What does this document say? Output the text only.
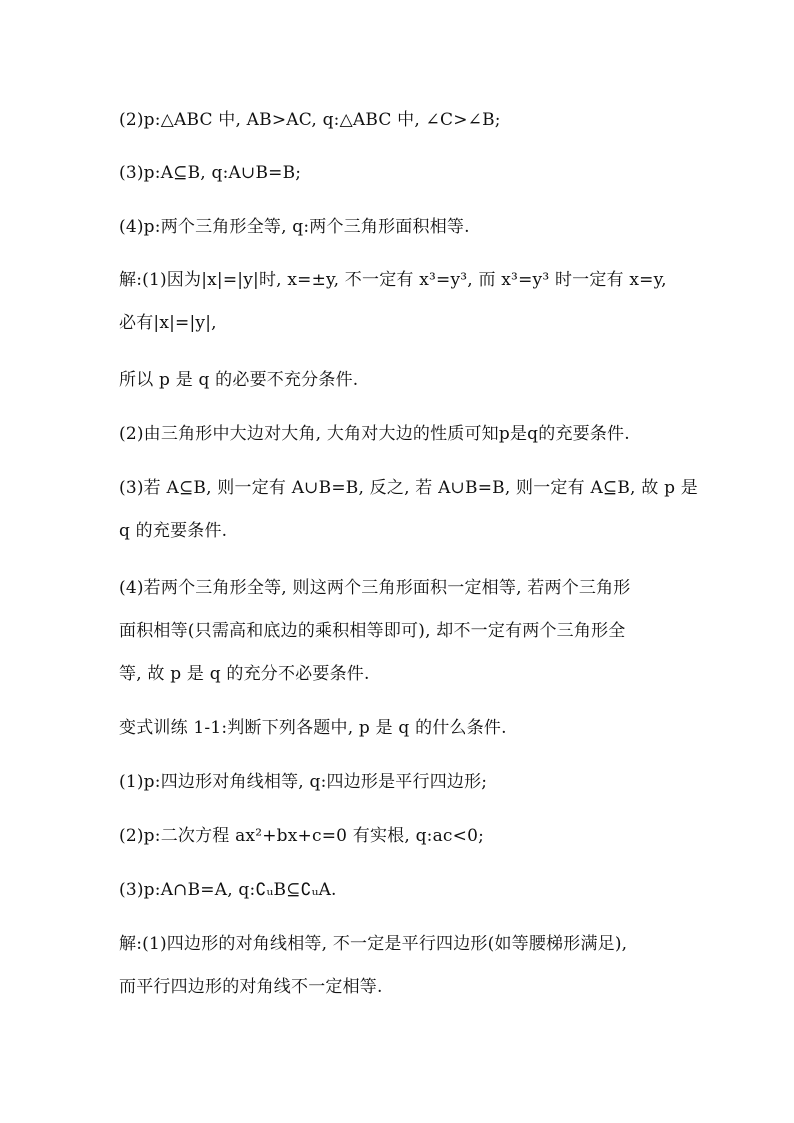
(2)p:△ABC 中, AB>AC, q:△ABC 中, ∠C>∠B;
(3)p:A⊆B, q:A∪B=B;
(4)p:两个三角形全等, q:两个三角形面积相等.
解:(1)因为|x|=|y|时, x=±y, 不一定有 x³=y³, 而 x³=y³ 时一定有 x=y,
必有|x|=|y|,
所以 p 是 q 的必要不充分条件.
(2)由三角形中大边对大角, 大角对大边的性质可知p是q的充要条件.
(3)若 A⊆B, 则一定有 A∪B=B, 反之, 若 A∪B=B, 则一定有 A⊆B, 故 p 是
q 的充要条件.
(4)若两个三角形全等, 则这两个三角形面积一定相等, 若两个三角形
面积相等(只需高和底边的乘积相等即可), 却不一定有两个三角形全
等, 故 p 是 q 的充分不必要条件.
变式训练 1-1:判断下列各题中, p 是 q 的什么条件.
(1)p:四边形对角线相等, q:四边形是平行四边形;
(2)p:二次方程 ax²+bx+c=0 有实根, q:ac<0;
(3)p:A∩B=A, q:∁ᵤB⊆∁ᵤA.
解:(1)四边形的对角线相等, 不一定是平行四边形(如等腰梯形满足),
而平行四边形的对角线不一定相等.
